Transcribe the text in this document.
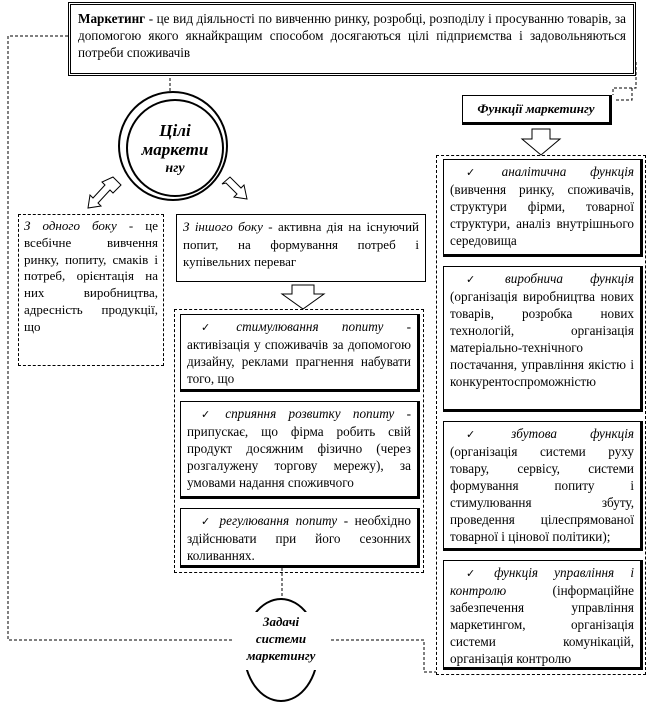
Маркетинг - це вид діяльності по вивченню ринку, розробці, розподілу і просуванню товарів, за допомогою якого якнайкращим способом досягаються цілі підприємства і задовольняються потреби споживачів
Цілі
маркети
нгу
З одного боку - це всебічне вивчення ринку, попиту, смаків і потреб, орієнтація на них виробництва, адресність продукції, що
З іншого боку - активна дія на існуючий попит, на формування потреб і купівельних переваг
✓ стимулювання попиту - активізація у споживачів за допомогою дизайну, реклами прагнення набувати того, що
✓ сприяння розвитку попиту - припускає, що фірма робить свій продукт досяжним фізично (через розгалужену торгову мережу), за умовами надання споживчого
✓ регулювання попиту - необхідно здійснювати при його сезонних коливаннях.
Задачі
системи
маркетингу
Функції маркетингу
✓ аналітична функція (вивчення ринку, споживачів, структури фірми, товарної структури, аналіз внутрішнього середовища
✓ виробнича функція (організація виробництва нових товарів, розробка нових технологій, організація матеріально-технічного постачання, управління якістю і конкурентоспроможністю
✓ збутова функція (організація системи руху товару, сервісу, системи формування попиту і стимулювання збуту, проведення цілеспрямованої товарної і цінової політики);
✓ функція управління і контролю (інформаційне забезпечення управління маркетингом, організація системи комунікацій, організація контролю
